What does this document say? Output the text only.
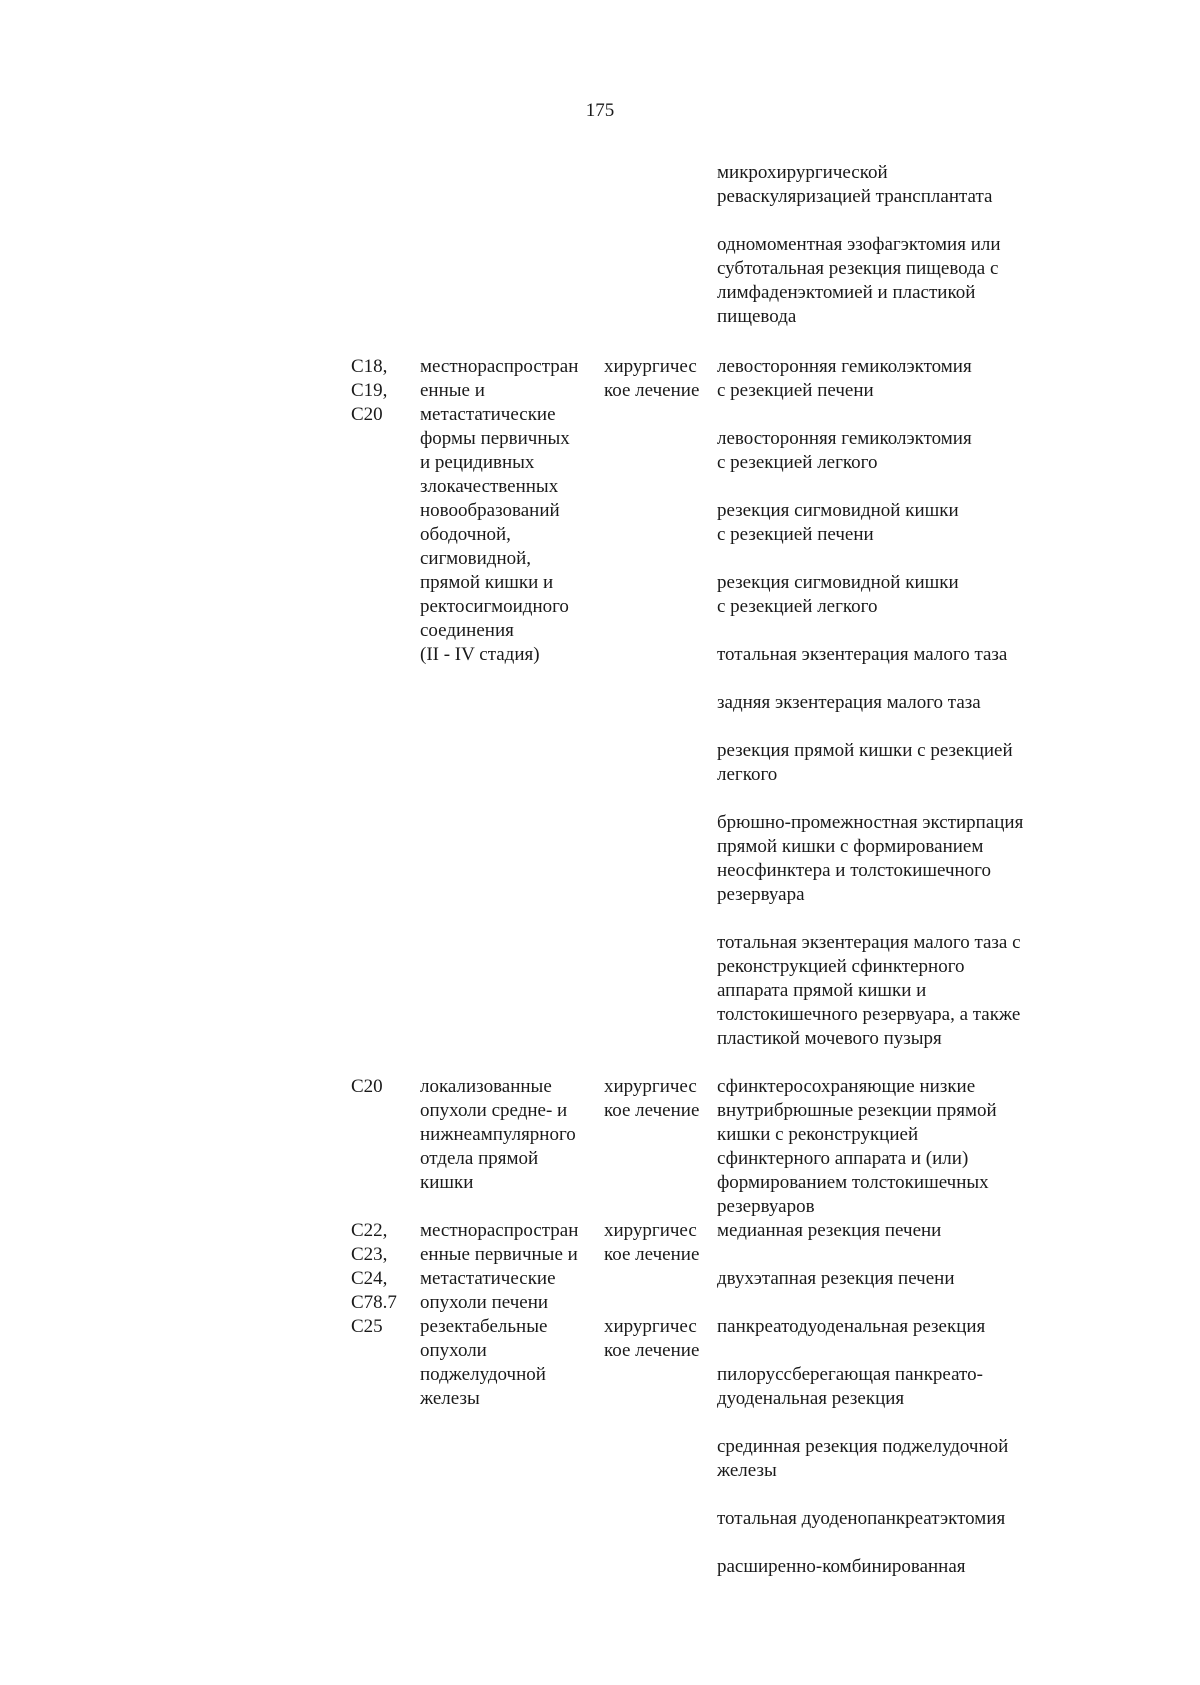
175
микрохирургической
реваскуляризацией трансплантата
одномоментная эзофагэктомия или
субтотальная резекция пищевода с
лимфаденэктомией и пластикой
пищевода
C18,
C19,
C20
местнораспростран
енные и
метастатические
формы первичных
и рецидивных
злокачественных
новообразований
ободочной,
сигмовидной,
прямой кишки и
ректосигмоидного
соединения
(II - IV стадия)
хирургичес
кое лечение
левосторонняя гемиколэктомия
с резекцией печени
левосторонняя гемиколэктомия
с резекцией легкого
резекция сигмовидной кишки
с резекцией печени
резекция сигмовидной кишки
с резекцией легкого
тотальная экзентерация малого таза
задняя экзентерация малого таза
резекция прямой кишки с резекцией
легкого
брюшно-промежностная экстирпация
прямой кишки с формированием
неосфинктера и толстокишечного
резервуара
тотальная экзентерация малого таза с
реконструкцией сфинктерного
аппарата прямой кишки и
толстокишечного резервуара, а также
пластикой мочевого пузыря
C20	локализованные
опухоли средне- и
нижнеампулярного
отдела прямой
кишки
хирургичес
кое лечение
сфинктеросохраняющие низкие
внутрибрюшные резекции прямой
кишки с реконструкцией
сфинктерного аппарата и (или)
формированием толстокишечных
резервуаров
C22,
C23,
C24,
C78.7
местнораспростран
енные первичные и
метастатические
опухоли печени
хирургичес
кое лечение
медианная резекция печени
двухэтапная резекция печени
C25	резектабельные
опухоли
поджелудочной
железы
хирургичес
кое лечение
панкреатодуоденальная резекция
пилоруссберегающая панкреато-
дуоденальная резекция
срединная резекция поджелудочной
железы
тотальная дуоденопанкреатэктомия
расширенно-комбинированная
